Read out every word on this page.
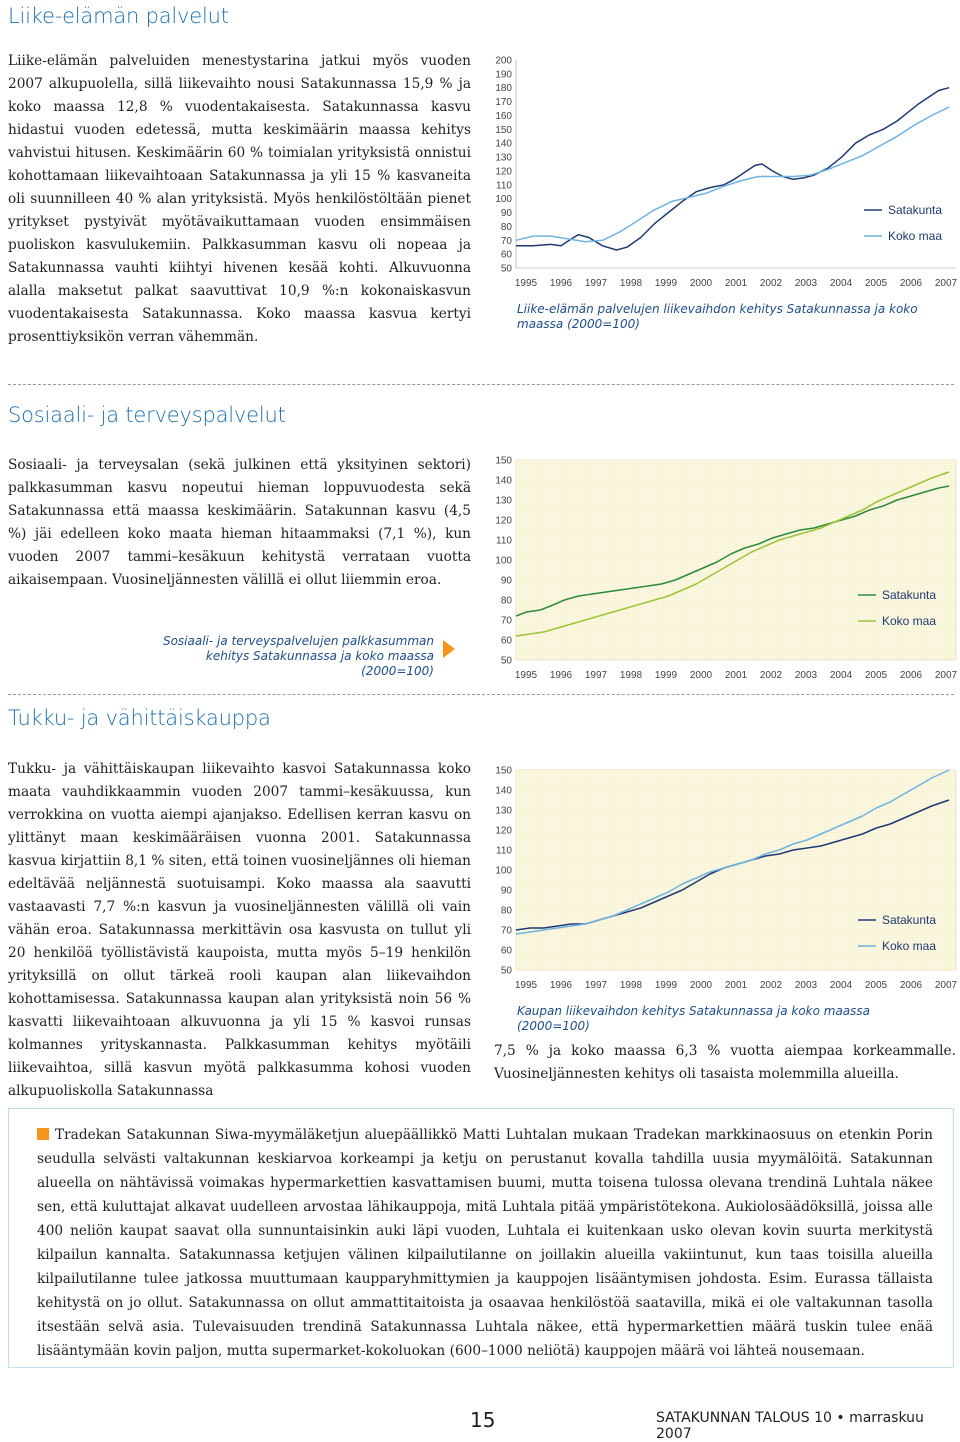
Liike-elämän palvelut

Liike-elämän palveluiden menestystarina jatkui myös vuoden 2007 alkupuolella, sillä liikevaihto nousi Satakunnassa 15,9 % ja koko maassa 12,8 % vuodentakaisesta. Satakunnassa kasvu hidastui vuoden edetessä, mutta keskimäärin maassa kehitys vahvistui hitusen. Keskimäärin 60 % toimialan yrityksistä onnistui kohottamaan liikevaihtoaan Satakunnassa ja yli 15 % kasvaneita oli suunnilleen 40 % alan yrityksistä. Myös henkilöstöltään pienet yritykset pystyivät myötävaikuttamaan vuoden ensimmäisen puoliskon kasvulukemiin. Palkkasumman kasvu oli nopeaa ja Satakunnassa vauhti kiihtyi hivenen kesää kohti. Alkuvuonna alalla maksetut palkat saavuttivat 10,9 %:n kokonaiskasvun vuodentakaisesta Satakunnassa. Koko maassa kasvua kertyi prosenttiyksikön verran vähemmän.

50
60
70
80
90
100
110
120
130
140
150
160
170
180
190
200
1995 1996 1997 1998 1999 2000 2001 2002 2003 2004 2005 2006 2007
Satakunta
Koko maa
Liike-elämän palvelujen liikevaihdon kehitys Satakunnassa ja koko maassa (2000=100)
Sosiaali- ja terveyspalvelut

Sosiaali- ja terveysalan (sekä julkinen että yksityinen sektori) palkkasumman kasvu nopeutui hieman loppuvuodesta sekä Satakunnassa että maassa keskimäärin. Satakunnan kasvu (4,5 %) jäi edelleen koko maata hieman hitaammaksi (7,1 %), kun vuoden 2007 tammi–kesäkuun kehitystä verrataan vuotta aikaisempaan. Vuosineljännesten välillä ei ollut liiemmin eroa.

Sosiaali- ja terveyspalvelujen palkkasumman
kehitys Satakunnassa ja koko maassa (2000=100)
50
60
70
80
90
100
110
120
130
140
150
1995 1996 1997 1998 1999 2000 2001 2002 2003 2004 2005 2006 2007
Satakunta
Koko maa
Tukku- ja vähittäiskauppa

Tukku- ja vähittäiskaupan liikevaihto kasvoi Satakunnassa koko maata vauhdikkaammin vuoden 2007 tammi–kesäkuussa, kun verrokkina on vuotta aiempi ajanjakso. Edellisen kerran kasvu on ylittänyt maan keskimääräisen vuonna 2001. Satakunnassa kasvua kirjattiin 8,1 % siten, että toinen vuosineljännes oli hieman edeltävää neljännestä suotuisampi. Koko maassa ala saavutti vastaavasti 7,7 %:n kasvun ja vuosineljännesten välillä oli vain vähän eroa. Satakunnassa merkittävin osa kasvusta on tullut yli 20 henkilöä työllistävistä kaupoista, mutta myös 5–19 henkilön yrityksillä on ollut tärkeä rooli kaupan alan liikevaihdon kohottamisessa. Satakunnassa kaupan alan yrityksistä noin 56 % kasvatti liikevaihtoaan alkuvuonna ja yli 15 % kasvoi runsas kolmannes yrityskannasta. Palkkasumman kehitys myötäili liikevaihtoa, sillä kasvun myötä palkkasumma kohosi vuoden alkupuoliskolla Satakunnassa

50
60
70
80
90
100
110
120
130
140
150
1995 1996 1997 1998 1999 2000 2001 2002 2003 2004 2005 2006 2007
Satakunta
Koko maa
Kaupan liikevaihdon kehitys Satakunnassa ja koko maassa (2000=100)

7,5 % ja koko maassa 6,3 % vuotta aiempaa korkeammalle. Vuosineljännesten kehitys oli tasaista molemmilla alueilla.

Tradekan Satakunnan Siwa-myymäläketjun aluepäällikkö Matti Luhtalan mukaan Tradekan markkinaosuus on etenkin Porin seudulla selvästi valtakunnan keskiarvoa korkeampi ja ketju on perustanut kovalla tahdilla uusia myymälöitä. Satakunnan alueella on nähtävissä voimakas hypermarkettien kasvattamisen buumi, mutta toisena tulossa olevana trendinä Luhtala näkee sen, että kuluttajat alkavat uudelleen arvostaa lähikauppoja, mitä Luhtala pitää ympäristötekona. Aukiolosäädöksillä, joissa alle 400 neliön kaupat saavat olla sunnuntaisinkin auki läpi vuoden, Luhtala ei kuitenkaan usko olevan kovin suurta merkitystä kilpailun kannalta. Satakunnassa ketjujen välinen kilpailutilanne on joillakin alueilla vakiintunut, kun taas toisilla alueilla kilpailutilanne tulee jatkossa muuttumaan kaupparyhmittymien ja kauppojen lisääntymisen johdosta. Esim. Eurassa tällaista kehitystä on jo ollut. Satakunnassa on ollut ammattitaitoista ja osaavaa henkilöstöä saatavilla, mikä ei ole valtakunnan tasolla itsestään selvä asia. Tulevaisuuden trendinä Satakunnassa Luhtala näkee, että hypermarkettien määrä tuskin tulee enää lisääntymään kovin paljon, mutta supermarket-kokoluokan (600–1000 neliötä) kauppojen määrä voi lähteä nousemaan.

15	SATAKUNNAN TALOUS 10 • marraskuu 2007
